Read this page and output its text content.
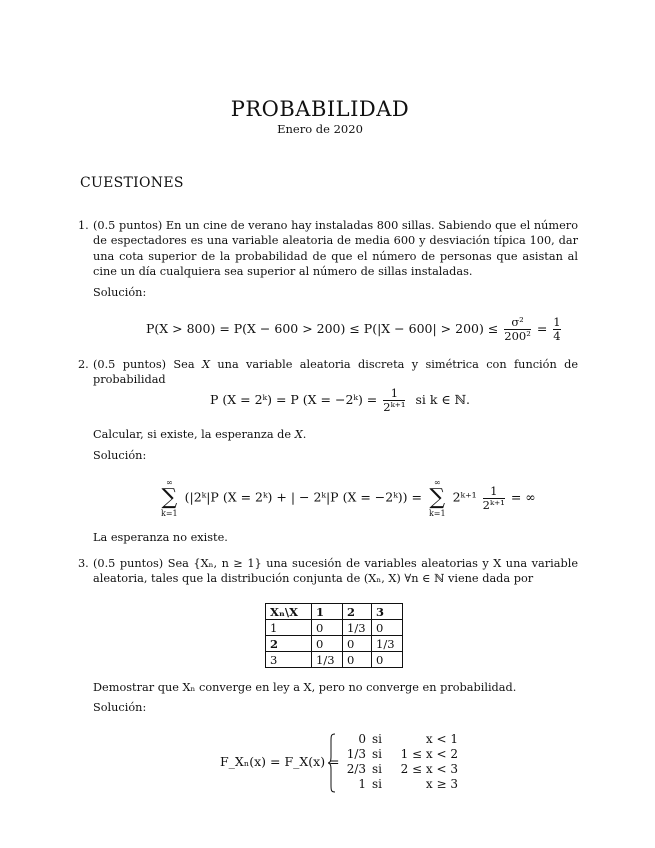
PROBABILIDAD
Enero de 2020
CUESTIONES
1. (0.5 puntos) En un cine de verano hay instaladas 800 sillas. Sabiendo que el número de espectadores es una variable aleatoria de media 600 y desviación típica 100, dar una cota superior de la probabilidad de que el número de personas que asistan al cine un día cualquiera sea superior al número de sillas instaladas.
Solución:
$P(X > 800) = P(X - 600 > 200) \le P(|X - 600| > 200) \le \frac{\text{σ²}}{\text{200²}} = \frac{1}{4}$
2. (0.5 puntos) Sea X una variable aleatoria discreta y simétrica con función de probabilidad
P (X = 2ᵏ) = P (X = −2ᵏ) = $\frac{1}{\text{2ᵏ⁺¹}}$ si k ∈ ℕ.
Calcular, si existe, la esperanza de X.
Solución:
∞
∑
k=1
(|2ᵏ|P (X = 2ᵏ) + | − 2ᵏ|P (X = −2ᵏ)) =
∞
∑
k=1
2ᵏ⁺¹ $\frac{1}{\text{2ᵏ⁺¹}}$ = ∞
La esperanza no existe.
3. (0.5 puntos) Sea {Xₙ, n ≥ 1} una sucesión de variables aleatorias y X una variable aleatoria, tales que la distribución conjunta de (Xₙ, X) ∀n ∈ ℕ viene dada por
Xₙ\X	1	2	3
1	0	1/3	0
2	0	0	1/3
3	1/3	0	0
Demostrar que Xₙ converge en ley a X, pero no converge en probabilidad.
Solución:
F_Xₙ(x) = F_X(x) =
0 si	x < 1
1/3 si	1 ≤ x < 2
2/3 si	2 ≤ x < 3
1 si	x ≥ 3
